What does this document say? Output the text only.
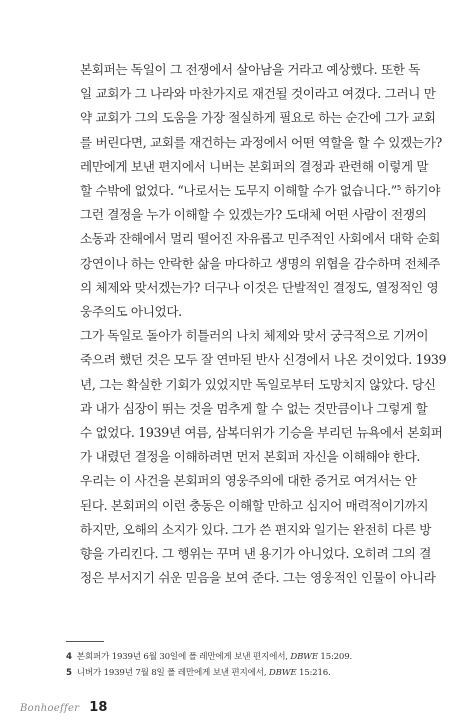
본회퍼는 독일이 그 전쟁에서 살아남을 거라고 예상했다. 또한 독
일 교회가 그 나라와 마찬가지로 재건될 것이라고 여겼다. 그러니 만
약 교회가 그의 도움을 가장 절실하게 필요로 하는 순간에 그가 교회
를 버린다면, 교회를 재건하는 과정에서 어떤 역할을 할 수 있겠는가?

레만에게 보낸 편지에서 니버는 본회퍼의 결정과 관련해 이렇게 말
할 수밖에 없었다. “나로서는 도무지 이해할 수가 없습니다.”$^5$ 하기야
그런 결정을 누가 이해할 수 있겠는가? 도대체 어떤 사람이 전쟁의
소동과 잔해에서 멀리 떨어진 자유롭고 민주적인 사회에서 대학 순회
강연이나 하는 안락한 삶을 마다하고 생명의 위협을 감수하며 전체주
의 체제와 맞서겠는가? 더구나 이것은 단발적인 결정도, 열정적인 영
웅주의도 아니었다.

그가 독일로 돌아가 히틀러의 나치 체제와 맞서 궁극적으로 기꺼이
죽으려 했던 것은 모두 잘 연마된 반사 신경에서 나온 것이었다. 1939
년, 그는 확실한 기회가 있었지만 독일로부터 도망치지 않았다. 당신
과 내가 심장이 뛰는 것을 멈추게 할 수 없는 것만큼이나 그렇게 할
수 없었다. 1939년 여름, 삼복더위가 기승을 부리던 뉴욕에서 본회퍼
가 내렸던 결정을 이해하려면 먼저 본회퍼 자신을 이해해야 한다.

우리는 이 사건을 본회퍼의 영웅주의에 대한 증거로 여겨서는 안
된다. 본회퍼의 이런 충동은 이해할 만하고 심지어 매력적이기까지
하지만, 오해의 소지가 있다. 그가 쓴 편지와 일기는 완전히 다른 방
향을 가리킨다. 그 행위는 꾸며 낸 용기가 아니었다. 오히려 그의 결
정은 부서지기 쉬운 믿음을 보여 준다. 그는 영웅적인 인물이 아니라

4 본회퍼가 1939년 6월 30일에 폴 레만에게 보낸 편지에서, DBWE 15:209.
5 니버가 1939년 7월 8일 폴 레만에게 보낸 편지에서, DBWE 15:216.
Bonhoeffer 18
